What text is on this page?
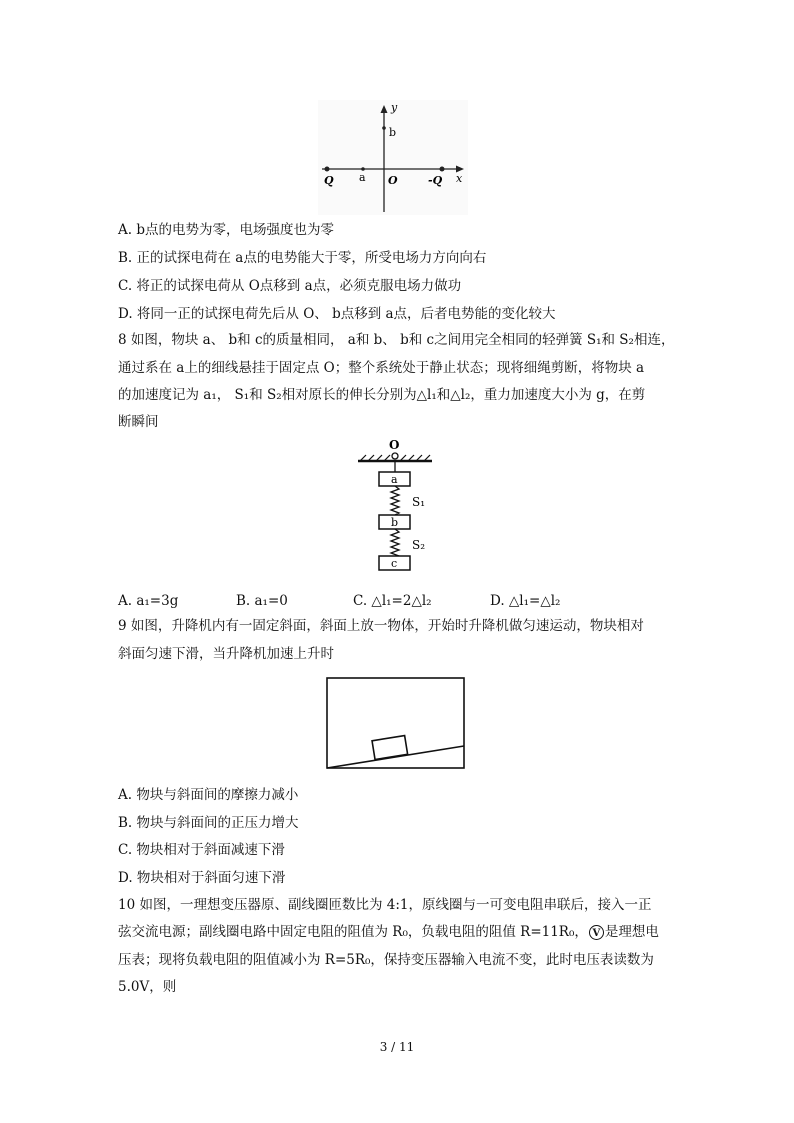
y
x
b
Q a O	-Q
A. b点的电势为零，电场强度也为零
B. 正的试探电荷在 a点的电势能大于零，所受电场力方向向右
C. 将正的试探电荷从 O点移到 a点，必须克服电场力做功
D. 将同一正的试探电荷先后从 O、 b点移到 a点，后者电势能的变化较大
8 如图，物块 a、 b和 c的质量相同， a和 b、 b和 c之间用完全相同的轻弹簧 S₁和 S₂相连，
通过系在 a上的细线悬挂于固定点 O；整个系统处于静止状态；现将细绳剪断，将物块 a
的加速度记为 a₁， S₁和 S₂相对原长的伸长分别为△l₁和△l₂，重力加速度大小为 g，在剪
断瞬间
O
a
S₁
b
S₂
c
A. a₁=3g	B. a₁=0	C. △l₁=2△l₂	D. △l₁=△l₂
9 如图，升降机内有一固定斜面，斜面上放一物体，开始时升降机做匀速运动，物块相对
斜面匀速下滑，当升降机加速上升时
A. 物块与斜面间的摩擦力减小
B. 物块与斜面间的正压力增大
C. 物块相对于斜面减速下滑
D. 物块相对于斜面匀速下滑
10 如图，一理想变压器原、副线圈匝数比为 4:1，原线圈与一可变电阻串联后，接入一正
弦交流电源；副线圈电路中固定电阻的阻值为 R₀，负载电阻的阻值 R=11R₀， V 是理想电
压表；现将负载电阻的阻值减小为 R=5R₀，保持变压器输入电流不变，此时电压表读数为
5.0V，则
3 / 11
